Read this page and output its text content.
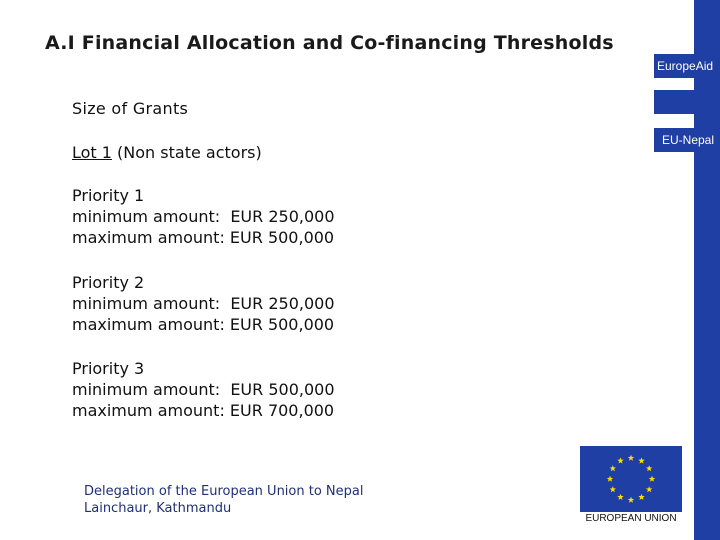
A.I Financial Allocation and Co-financing Thresholds
EuropeAid
EU-Nepal
Size of Grants
Lot 1 (Non state actors)
Priority 1
minimum amount: EUR 250,000
maximum amount: EUR 500,000
Priority 2
minimum amount: EUR 250,000
maximum amount: EUR 500,000
Priority 3
minimum amount: EUR 500,000
maximum amount: EUR 700,000
Delegation of the European Union to Nepal
Lainchaur, Kathmandu
EUROPEAN UNION
